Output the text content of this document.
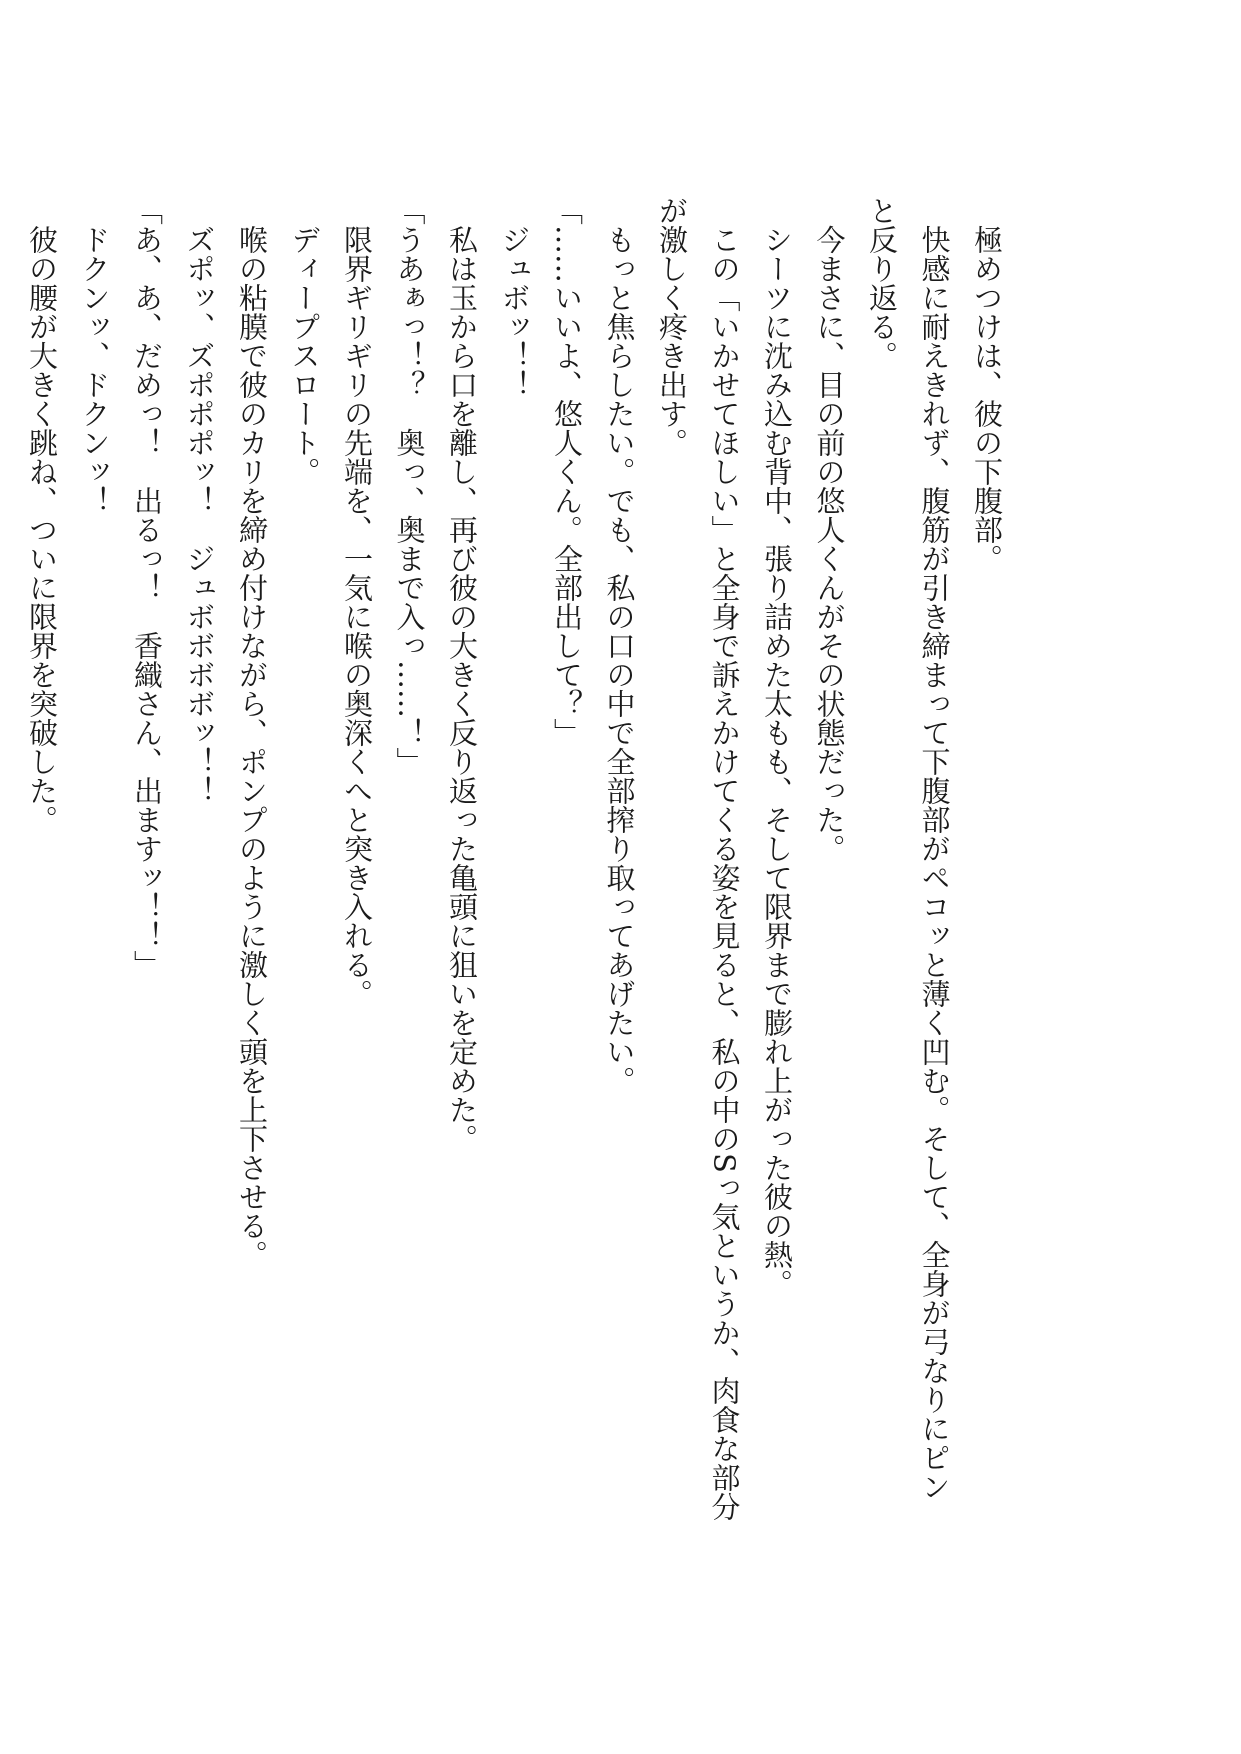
　極めつけは、彼の下腹部。

　快感に耐えきれず、腹筋が引き締まって下腹部がペコッと薄く凹む。そして、全身が弓なりにピンと反り返る。

　今まさに、目の前の悠人くんがその状態だった。

　シーツに沈み込む背中、張り詰めた太もも、そして限界まで膨れ上がった彼の熱。

　この「いかせてほしい」と全身で訴えかけてくる姿を見ると、私の中のSっ気というか、肉食な部分が激しく疼き出す。

　もっと焦らしたい。でも、私の口の中で全部搾り取ってあげたい。

「……いいよ、悠人くん。全部出して？」

　ジュボッ！！

　私は玉から口を離し、再び彼の大きく反り返った亀頭に狙いを定めた。

「うあぁっ！？　奥っ、奥まで入っ……！」

　限界ギリギリの先端を、一気に喉の奥深くへと突き入れる。

　ディープスロート。

　喉の粘膜で彼のカリを締め付けながら、ポンプのように激しく頭を上下させる。

　ズポッ、ズポポポッ！　ジュボボボボッ！！

「あ、あ、だめっ！　出るっ！　香織さん、出ますッ！！」

　ドクンッ、ドクンッ！

　彼の腰が大きく跳ね、ついに限界を突破した。
